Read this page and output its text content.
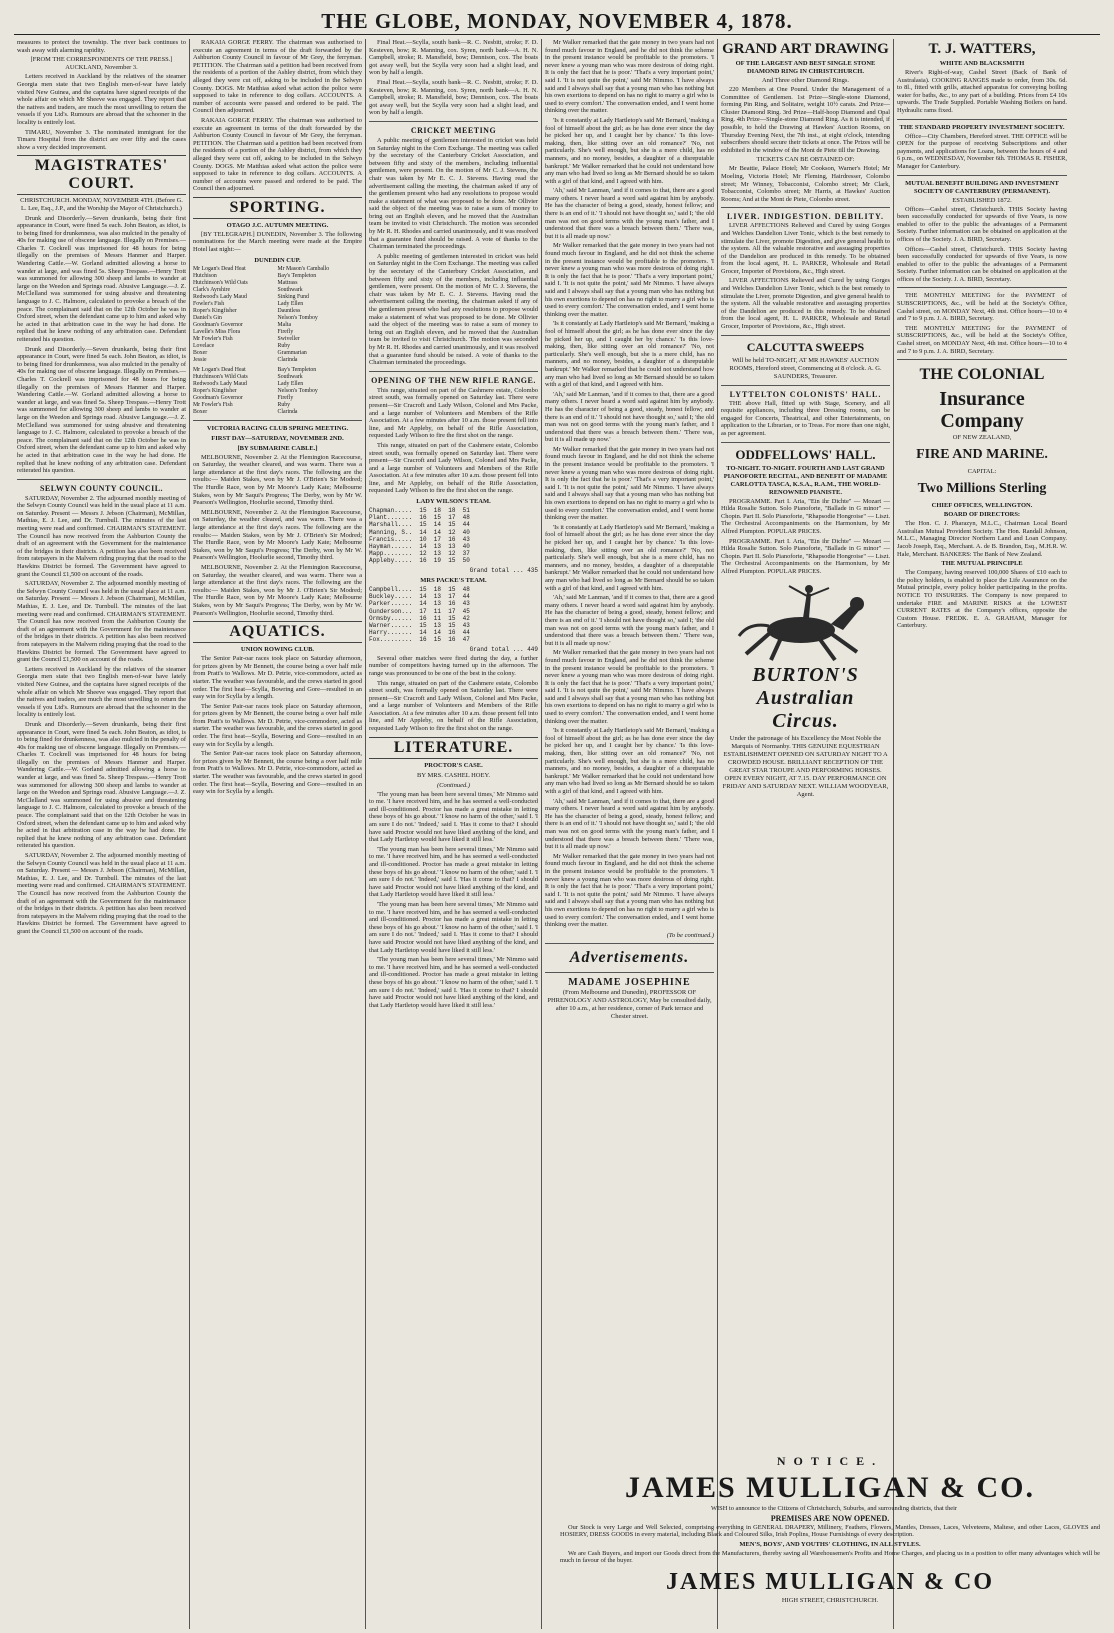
THE GLOBE, MONDAY, NOVEMBER 4, 1878.

measures to protect the township. The river back continues to wash away with alarming rapidity.

[FROM THE CORRESPONDENTS OF THE PRESS.] AUCKLAND, November 3.

Letters received in Auckland by the relatives of the steamer Georgia men state that two English men-of-war have lately visited New Guinea, and the captains have signed receipts of the whole affair on which Mr Sheeve was engaged. They report that the natives and traders, are much the most unwilling to return the vessels if you Ltd's. Rumours are abroad that the schooner in the locality is entirely lost.

TIMARU, November 3. The nominated immigrant for the Timaru Hospital from the district are over fifty and the cases show a very decided improvement.

MAGISTRATES' COURT.

CHRISTCHURCH. MONDAY, NOVEMBER 4TH. (Before G. L. Lee, Esq., J.P., and the Worship the Mayor of Christchurch.)

Drunk and Disorderly.—Seven drunkards, being their first appearance in Court, were fined 5s each. John Beaton, as idiot, is to being fined for drunkenness, was also mulcted in the penalty of 40s for making use of obscene language. Illegally on Premises.—Charles T. Cockrell was imprisoned for 48 hours for being illegally on the premises of Messrs Hanmer and Harper. Wandering Cattle.—W. Gorland admitted allowing a horse to wander at large, and was fined 5s. Sheep Trespass.—Henry Trott was summoned for allowing 300 sheep and lambs to wander at large on the Weedon and Springs road. Abusive Language.—J. Z. McClelland was summoned for using abusive and threatening language to J. C. Halmore, calculated to provoke a breach of the peace. The complainant said that on the 12th October he was in Oxford street, when the defendant came up to him and asked why he acted in that arbitration case in the way he had done. He replied that he knew nothing of any arbitration case. Defendant reiterated his question.

Drunk and Disorderly.—Seven drunkards, being their first appearance in Court, were fined 5s each. John Beaton, as idiot, is to being fined for drunkenness, was also mulcted in the penalty of 40s for making use of obscene language. Illegally on Premises.—Charles T. Cockrell was imprisoned for 48 hours for being illegally on the premises of Messrs Hanmer and Harper. Wandering Cattle.—W. Gorland admitted allowing a horse to wander at large, and was fined 5s. Sheep Trespass.—Henry Trott was summoned for allowing 300 sheep and lambs to wander at large on the Weedon and Springs road. Abusive Language.—J. Z. McClelland was summoned for using abusive and threatening language to J. C. Halmore, calculated to provoke a breach of the peace. The complainant said that on the 12th October he was in Oxford street, when the defendant came up to him and asked why he acted in that arbitration case in the way he had done. He replied that he knew nothing of any arbitration case. Defendant reiterated his question.

SELWYN COUNTY COUNCIL.

SATURDAY, November 2. The adjourned monthly meeting of the Selwyn County Council was held in the usual place at 11 a.m. on Saturday. Present — Messrs J. Jebson (Chairman), McMillan, Mathias, E. J. Lee, and Dr. Turnbull. The minutes of the last meeting were read and confirmed. CHAIRMAN'S STATEMENT. The Council has now received from the Ashburton County the draft of an agreement with the Government for the maintenance of the bridges in their districts. A petition has also been received from ratepayers in the Malvern riding praying that the road to the Hawkins District be formed. The Government have agreed to grant the Council £1,500 on account of the roads.

SATURDAY, November 2. The adjourned monthly meeting of the Selwyn County Council was held in the usual place at 11 a.m. on Saturday. Present — Messrs J. Jebson (Chairman), McMillan, Mathias, E. J. Lee, and Dr. Turnbull. The minutes of the last meeting were read and confirmed. CHAIRMAN'S STATEMENT. The Council has now received from the Ashburton County the draft of an agreement with the Government for the maintenance of the bridges in their districts. A petition has also been received from ratepayers in the Malvern riding praying that the road to the Hawkins District be formed. The Government have agreed to grant the Council £1,500 on account of the roads.

Letters received in Auckland by the relatives of the steamer Georgia men state that two English men-of-war have lately visited New Guinea, and the captains have signed receipts of the whole affair on which Mr Sheeve was engaged. They report that the natives and traders, are much the most unwilling to return the vessels if you Ltd's. Rumours are abroad that the schooner in the locality is entirely lost.

Drunk and Disorderly.—Seven drunkards, being their first appearance in Court, were fined 5s each. John Beaton, as idiot, is to being fined for drunkenness, was also mulcted in the penalty of 40s for making use of obscene language. Illegally on Premises.—Charles T. Cockrell was imprisoned for 48 hours for being illegally on the premises of Messrs Hanmer and Harper. Wandering Cattle.—W. Gorland admitted allowing a horse to wander at large, and was fined 5s. Sheep Trespass.—Henry Trott was summoned for allowing 300 sheep and lambs to wander at large on the Weedon and Springs road. Abusive Language.—J. Z. McClelland was summoned for using abusive and threatening language to J. C. Halmore, calculated to provoke a breach of the peace. The complainant said that on the 12th October he was in Oxford street, when the defendant came up to him and asked why he acted in that arbitration case in the way he had done. He replied that he knew nothing of any arbitration case. Defendant reiterated his question.

SATURDAY, November 2. The adjourned monthly meeting of the Selwyn County Council was held in the usual place at 11 a.m. on Saturday. Present — Messrs J. Jebson (Chairman), McMillan, Mathias, E. J. Lee, and Dr. Turnbull. The minutes of the last meeting were read and confirmed. CHAIRMAN'S STATEMENT. The Council has now received from the Ashburton County the draft of an agreement with the Government for the maintenance of the bridges in their districts. A petition has also been received from ratepayers in the Malvern riding praying that the road to the Hawkins District be formed. The Government have agreed to grant the Council £1,500 on account of the roads.

RAKAIA GORGE FERRY. The chairman was authorised to execute an agreement in terms of the draft forwarded by the Ashburton County Council in favour of Mr Grey, the ferryman. PETITION. The Chairman said a petition had been received from the residents of a portion of the Ashley district, from which they alleged they were cut off, asking to be included in the Selwyn County. DOGS. Mr Matthias asked what action the police were supposed to take in reference to dog collars. ACCOUNTS. A number of accounts were passed and ordered to be paid. The Council then adjourned.

RAKAIA GORGE FERRY. The chairman was authorised to execute an agreement in terms of the draft forwarded by the Ashburton County Council in favour of Mr Grey, the ferryman. PETITION. The Chairman said a petition had been received from the residents of a portion of the Ashley district, from which they alleged they were cut off, asking to be included in the Selwyn County. DOGS. Mr Matthias asked what action the police were supposed to take in reference to dog collars. ACCOUNTS. A number of accounts were passed and ordered to be paid. The Council then adjourned.

SPORTING.
OTAGO J.C. AUTUMN MEETING.

[BY TELEGRAPH.] DUNEDIN, November 3. The following nominations for the March meeting were made at the Empire Hotel last night:—

DUNEDIN CUP.
Mr Logan's Dead Heat
Hutchison
Hutchinson's Wild Oats
Clark's Ayrshire
Redwood's Lady Maud
Fowler's Fish
Roper's Kingfisher
Daniel's Gin
Goodman's Governor
Lavelle's Miss Flora
Mr Fowler's Fish
Lovelace
Boxer
Jessie
Mr Mason's Camballo
Bay's Templeton
Mattrass
Southwark
Sinking Fund
Lady Ellen
Dauntless
Nelson's Tomboy
Malta
Firefly
Swiveller
Ruby
Grammarian
Clarinda
Mr Logan's Dead Heat
Hutchinson's Wild Oats
Redwood's Lady Maud
Roper's Kingfisher
Goodman's Governor
Mr Fowler's Fish
Boxer
Bay's Templeton
Southwark
Lady Ellen
Nelson's Tomboy
Firefly
Ruby
Clarinda
VICTORIA RACING CLUB SPRING MEETING.
FIRST DAY—SATURDAY, NOVEMBER 2ND.
[BY SUBMARINE CABLE.]

MELBOURNE, November 2. At the Flemington Racecourse, on Saturday, the weather cleared, and was warm. There was a large attendance at the first day's races. The following are the results:— Maiden Stakes, won by Mr J. O'Brien's Sir Modred; The Hurdle Race, won by Mr Moore's Lady Kate; Melbourne Stakes, won by Mr Saqui's Progress; The Derby, won by Mr W. Pearson's Wellington, Hoolurlie second, Timothy third.

MELBOURNE, November 2. At the Flemington Racecourse, on Saturday, the weather cleared, and was warm. There was a large attendance at the first day's races. The following are the results:— Maiden Stakes, won by Mr J. O'Brien's Sir Modred; The Hurdle Race, won by Mr Moore's Lady Kate; Melbourne Stakes, won by Mr Saqui's Progress; The Derby, won by Mr W. Pearson's Wellington, Hoolurlie second, Timothy third.

MELBOURNE, November 2. At the Flemington Racecourse, on Saturday, the weather cleared, and was warm. There was a large attendance at the first day's races. The following are the results:— Maiden Stakes, won by Mr J. O'Brien's Sir Modred; The Hurdle Race, won by Mr Moore's Lady Kate; Melbourne Stakes, won by Mr Saqui's Progress; The Derby, won by Mr W. Pearson's Wellington, Hoolurlie second, Timothy third.

AQUATICS.
UNION ROWING CLUB.

The Senior Pair-oar races took place on Saturday afternoon, for prizes given by Mr Bennett, the course being a over half mile from Pratt's to Wallows. Mr D. Petrie, vice-commodore, acted as starter. The weather was favourable, and the crews started in good order. The first heat—Scylla, Bowring and Gore—resulted in an easy win for Scylla by a length.

The Senior Pair-oar races took place on Saturday afternoon, for prizes given by Mr Bennett, the course being a over half mile from Pratt's to Wallows. Mr D. Petrie, vice-commodore, acted as starter. The weather was favourable, and the crews started in good order. The first heat—Scylla, Bowring and Gore—resulted in an easy win for Scylla by a length.

The Senior Pair-oar races took place on Saturday afternoon, for prizes given by Mr Bennett, the course being a over half mile from Pratt's to Wallows. Mr D. Petrie, vice-commodore, acted as starter. The weather was favourable, and the crews started in good order. The first heat—Scylla, Bowring and Gore—resulted in an easy win for Scylla by a length.

Final Heat.—Scylla, south bank—R. C. Nesbitt, stroke; F. D. Kesteven, bow; R. Manning, cox. Syren, north bank—A. H. N. Campbell, stroke; R. Mansfield, bow; Dennison, cox. The boats got away well, but the Scylla very soon had a slight lead, and won by half a length.

Final Heat.—Scylla, south bank—R. C. Nesbitt, stroke; F. D. Kesteven, bow; R. Manning, cox. Syren, north bank—A. H. N. Campbell, stroke; R. Mansfield, bow; Dennison, cox. The boats got away well, but the Scylla very soon had a slight lead, and won by half a length.

CRICKET MEETING

A public meeting of gentlemen interested in cricket was held on Saturday night in the Corn Exchange. The meeting was called by the secretary of the Canterbury Cricket Association, and between fifty and sixty of the members, including influential gentlemen, were present. On the motion of Mr C. J. Stevens, the chair was taken by Mr E. C. J. Stevens. Having read the advertisement calling the meeting, the chairman asked if any of the gentlemen present who had any resolutions to propose would make a statement of what was proposed to be done. Mr Ollivier said the object of the meeting was to raise a sum of money to bring out an English eleven, and he moved that the Australian team be invited to visit Christchurch. The motion was seconded by Mr R. H. Rhodes and carried unanimously, and it was resolved that a guarantee fund should be raised. A vote of thanks to the Chairman terminated the proceedings.

A public meeting of gentlemen interested in cricket was held on Saturday night in the Corn Exchange. The meeting was called by the secretary of the Canterbury Cricket Association, and between fifty and sixty of the members, including influential gentlemen, were present. On the motion of Mr C. J. Stevens, the chair was taken by Mr E. C. J. Stevens. Having read the advertisement calling the meeting, the chairman asked if any of the gentlemen present who had any resolutions to propose would make a statement of what was proposed to be done. Mr Ollivier said the object of the meeting was to raise a sum of money to bring out an English eleven, and he moved that the Australian team be invited to visit Christchurch. The motion was seconded by Mr R. H. Rhodes and carried unanimously, and it was resolved that a guarantee fund should be raised. A vote of thanks to the Chairman terminated the proceedings.

OPENING OF THE NEW RIFLE RANGE.

This range, situated on part of the Cashmere estate, Colombo street south, was formally opened on Saturday last. There were present—Sir Cracroft and Lady Wilson, Colonel and Mrs Packe, and a large number of Volunteers and Members of the Rifle Association. At a few minutes after 10 a.m. those present fell into line, and Mr Appleby, on behalf of the Rifle Association, requested Lady Wilson to fire the first shot on the range.

This range, situated on part of the Cashmere estate, Colombo street south, was formally opened on Saturday last. There were present—Sir Cracroft and Lady Wilson, Colonel and Mrs Packe, and a large number of Volunteers and Members of the Rifle Association. At a few minutes after 10 a.m. those present fell into line, and Mr Appleby, on behalf of the Rifle Association, requested Lady Wilson to fire the first shot on the range.

LADY WILSON'S TEAM.
Chapman.....  15  18  18  51
Plant.......  16  15  17  48
Marshall....  15  14  15  44
Manning, S..  14  14  12  40
Francis.....  10  17  16  43
Hayman......  14  13  13  40
Mapp........  12  13  12  37
Appleby.....  16  19  15  50
Grand total ... 435
MRS PACKE'S TEAM.
Campbell....  15  18  15  48
Buckley.....  14  13  17  44
Parker......  14  13  16  43
Gunderson...  17  11  17  45
Ormsby......  16  11  15  42
Warner......  15  13  15  43
Harry.......  14  14  16  44
Fox.........  16  15  16  47
Grand total ... 449

Several other matches were fired during the day, a further number of competitors having turned up in the afternoon. The range was pronounced to be one of the best in the colony.

This range, situated on part of the Cashmere estate, Colombo street south, was formally opened on Saturday last. There were present—Sir Cracroft and Lady Wilson, Colonel and Mrs Packe, and a large number of Volunteers and Members of the Rifle Association. At a few minutes after 10 a.m. those present fell into line, and Mr Appleby, on behalf of the Rifle Association, requested Lady Wilson to fire the first shot on the range.

LITERATURE.
PROCTOR'S CASE.
BY MRS. CASHEL HOEY.
(Continued.)

'The young man has been here several times,' Mr Nimmo said to me. 'I have received him, and he has seemed a well-conducted and ill-conditioned. Proctor has made a great mistake in letting these boys of his go about.' 'I know no harm of the other,' said I. 'I am sure I do not.' 'Indeed,' said I. 'Has it come to that? I should have said Proctor would not have liked anything of the kind, and that Lady Hartletop would have liked it still less.'

'The young man has been here several times,' Mr Nimmo said to me. 'I have received him, and he has seemed a well-conducted and ill-conditioned. Proctor has made a great mistake in letting these boys of his go about.' 'I know no harm of the other,' said I. 'I am sure I do not.' 'Indeed,' said I. 'Has it come to that? I should have said Proctor would not have liked anything of the kind, and that Lady Hartletop would have liked it still less.'

'The young man has been here several times,' Mr Nimmo said to me. 'I have received him, and he has seemed a well-conducted and ill-conditioned. Proctor has made a great mistake in letting these boys of his go about.' 'I know no harm of the other,' said I. 'I am sure I do not.' 'Indeed,' said I. 'Has it come to that? I should have said Proctor would not have liked anything of the kind, and that Lady Hartletop would have liked it still less.'

'The young man has been here several times,' Mr Nimmo said to me. 'I have received him, and he has seemed a well-conducted and ill-conditioned. Proctor has made a great mistake in letting these boys of his go about.' 'I know no harm of the other,' said I. 'I am sure I do not.' 'Indeed,' said I. 'Has it come to that? I should have said Proctor would not have liked anything of the kind, and that Lady Hartletop would have liked it still less.'

Mr Walker remarked that the gate money in two years had not found much favour in England, and he did not think the scheme in the present instance would be profitable to the promoters. 'I never knew a young man who was more desirous of doing right. It is only the fact that he is poor.' 'That's a very important point,' said I. 'It is not quite the point,' said Mr Nimmo. 'I have always said and I always shall say that a young man who has nothing but his own exertions to depend on has no right to marry a girl who is used to every comfort.' The conversation ended, and I went home thinking over the matter.

'Is it constantly at Lady Hartletop's said Mr Bernard, 'making a fool of himself about the girl; as he has done ever since the day he picked her up, and I caught her by chance.' 'Is this love-making, then, like sitting over an old romance?' 'No, not particularly. She's well enough, but she is a mere child, has no manners, and no money, besides, a daughter of a disreputable bankrupt.' Mr Walker remarked that he could not understand how any man who had lived so long as Mr Bernard should be so taken with a girl of that kind, and I agreed with him.

'Ah,' said Mr Lanman, 'and if it comes to that, there are a good many others. I never heard a word said against him by anybody. He has the character of being a good, steady, honest fellow; and there is an end of it.' 'I should not have thought so,' said I; 'the old man was not on good terms with the young man's father, and I understood that there was a breach between them.' 'There was, but it is all made up now.'

Mr Walker remarked that the gate money in two years had not found much favour in England, and he did not think the scheme in the present instance would be profitable to the promoters. 'I never knew a young man who was more desirous of doing right. It is only the fact that he is poor.' 'That's a very important point,' said I. 'It is not quite the point,' said Mr Nimmo. 'I have always said and I always shall say that a young man who has nothing but his own exertions to depend on has no right to marry a girl who is used to every comfort.' The conversation ended, and I went home thinking over the matter.

'Is it constantly at Lady Hartletop's said Mr Bernard, 'making a fool of himself about the girl; as he has done ever since the day he picked her up, and I caught her by chance.' 'Is this love-making, then, like sitting over an old romance?' 'No, not particularly. She's well enough, but she is a mere child, has no manners, and no money, besides, a daughter of a disreputable bankrupt.' Mr Walker remarked that he could not understand how any man who had lived so long as Mr Bernard should be so taken with a girl of that kind, and I agreed with him.

'Ah,' said Mr Lanman, 'and if it comes to that, there are a good many others. I never heard a word said against him by anybody. He has the character of being a good, steady, honest fellow; and there is an end of it.' 'I should not have thought so,' said I; 'the old man was not on good terms with the young man's father, and I understood that there was a breach between them.' 'There was, but it is all made up now.'

Mr Walker remarked that the gate money in two years had not found much favour in England, and he did not think the scheme in the present instance would be profitable to the promoters. 'I never knew a young man who was more desirous of doing right. It is only the fact that he is poor.' 'That's a very important point,' said I. 'It is not quite the point,' said Mr Nimmo. 'I have always said and I always shall say that a young man who has nothing but his own exertions to depend on has no right to marry a girl who is used to every comfort.' The conversation ended, and I went home thinking over the matter.

'Is it constantly at Lady Hartletop's said Mr Bernard, 'making a fool of himself about the girl; as he has done ever since the day he picked her up, and I caught her by chance.' 'Is this love-making, then, like sitting over an old romance?' 'No, not particularly. She's well enough, but she is a mere child, has no manners, and no money, besides, a daughter of a disreputable bankrupt.' Mr Walker remarked that he could not understand how any man who had lived so long as Mr Bernard should be so taken with a girl of that kind, and I agreed with him.

'Ah,' said Mr Lanman, 'and if it comes to that, there are a good many others. I never heard a word said against him by anybody. He has the character of being a good, steady, honest fellow; and there is an end of it.' 'I should not have thought so,' said I; 'the old man was not on good terms with the young man's father, and I understood that there was a breach between them.' 'There was, but it is all made up now.'

Mr Walker remarked that the gate money in two years had not found much favour in England, and he did not think the scheme in the present instance would be profitable to the promoters. 'I never knew a young man who was more desirous of doing right. It is only the fact that he is poor.' 'That's a very important point,' said I. 'It is not quite the point,' said Mr Nimmo. 'I have always said and I always shall say that a young man who has nothing but his own exertions to depend on has no right to marry a girl who is used to every comfort.' The conversation ended, and I went home thinking over the matter.

'Is it constantly at Lady Hartletop's said Mr Bernard, 'making a fool of himself about the girl; as he has done ever since the day he picked her up, and I caught her by chance.' 'Is this love-making, then, like sitting over an old romance?' 'No, not particularly. She's well enough, but she is a mere child, has no manners, and no money, besides, a daughter of a disreputable bankrupt.' Mr Walker remarked that he could not understand how any man who had lived so long as Mr Bernard should be so taken with a girl of that kind, and I agreed with him.

'Ah,' said Mr Lanman, 'and if it comes to that, there are a good many others. I never heard a word said against him by anybody. He has the character of being a good, steady, honest fellow; and there is an end of it.' 'I should not have thought so,' said I; 'the old man was not on good terms with the young man's father, and I understood that there was a breach between them.' 'There was, but it is all made up now.'

Mr Walker remarked that the gate money in two years had not found much favour in England, and he did not think the scheme in the present instance would be profitable to the promoters. 'I never knew a young man who was more desirous of doing right. It is only the fact that he is poor.' 'That's a very important point,' said I. 'It is not quite the point,' said Mr Nimmo. 'I have always said and I always shall say that a young man who has nothing but his own exertions to depend on has no right to marry a girl who is used to every comfort.' The conversation ended, and I went home thinking over the matter.

(To be continued.)
Advertisements.
MADAME JOSEPHINE

(From Melbourne and Dunedin), PROFESSOR OF PHRENOLOGY AND ASTROLOGY, May be consulted daily, after 10 a.m., at her residence, corner of Park terrace and Chester street.

GRAND ART DRAWING

OF THE LARGEST AND BEST SINGLE STONE DIAMOND RING IN CHRISTCHURCH.

And Three other Diamond Rings.

220 Members at One Pound. Under the Management of a Committee of Gentlemen. 1st Prize—Single-stone Diamond, forming Pin Ring, and Solitaire, weight 10½ carats. 2nd Prize—Cluster Diamond Ring. 3rd Prize—Half-hoop Diamond and Opal Ring. 4th Prize—Single-stone Diamond Ring. As it is intended, if possible, to hold the Drawing at Hawkes' Auction Rooms, on Thursday Evening Next, the 7th inst., at eight o'clock, intending subscribers should secure their tickets at once. The Prizes will be exhibited in the window of the Mont de Piete till the Drawing.

TICKETS CAN BE OBTAINED OF:

Mr Beattie, Palace Hotel; Mr Cookson, Warner's Hotel; Mr Moeling, Victoria Hotel; Mr Fleming, Hairdresser, Colombo street; Mr Winney, Tobacconist, Colombo street; Mr Clark, Tobacconist, Colombo street; Mr Harris, at Hawkes' Auction Rooms; And at the Mont de Piete, Colombo street.

LIVER. INDIGESTION. DEBILITY.

LIVER AFFECTIONS Relieved and Cured by using Gorges and Welches Dandelion Liver Tonic, which is the best remedy to stimulate the Liver, promote Digestion, and give general health to the system. All the valuable restorative and assuaging properties of the Dandelion are produced in this remedy. To be obtained from the local agent, H. L. PARKER, Wholesale and Retail Grocer, Importer of Provisions, &c., High street.

LIVER AFFECTIONS Relieved and Cured by using Gorges and Welches Dandelion Liver Tonic, which is the best remedy to stimulate the Liver, promote Digestion, and give general health to the system. All the valuable restorative and assuaging properties of the Dandelion are produced in this remedy. To be obtained from the local agent, H. L. PARKER, Wholesale and Retail Grocer, Importer of Provisions, &c., High street.

CALCUTTA SWEEPS

Will be held TO-NIGHT, AT MR HAWKES' AUCTION ROOMS, Hereford street, Commencing at 8 o'clock. A. G. SAUNDERS, Treasurer.

LYTTELTON COLONISTS' HALL.

THE above Hall, fitted up with Stage, Scenery, and all requisite appliances, including three Dressing rooms, can be engaged for Concerts, Theatrical, and other Entertainments, on application to the Librarian, or to Treas. For more than one night, as per agreement.

ODDFELLOWS' HALL.

TO-NIGHT. TO-NIGHT. FOURTH AND LAST GRAND PIANOFORTE RECITAL, AND BENEFIT OF MADAME CARLOTTA TASCA, K.S.A., R.A.M., THE WORLD-RENOWNED PIANISTE.

PROGRAMME. Part I. Aria, "Ein ihr Dichte" — Mozart — Hilda Rosalie Sutton. Solo Pianoforte, "Ballade in G minor" — Chopin. Part II. Solo Pianoforte, "Rhapsodie Hongroise" — Liszt. The Orchestral Accompaniments on the Harmonium, by Mr Alfred Plumpton. POPULAR PRICES.

PROGRAMME. Part I. Aria, "Ein ihr Dichte" — Mozart — Hilda Rosalie Sutton. Solo Pianoforte, "Ballade in G minor" — Chopin. Part II. Solo Pianoforte, "Rhapsodie Hongroise" — Liszt. The Orchestral Accompaniments on the Harmonium, by Mr Alfred Plumpton. POPULAR PRICES.

BURTON'S Australian Circus.

Under the patronage of his Excellency the Most Noble the Marquis of Normanby. THIS GENUINE EQUESTRIAN ESTABLISHMENT OPENED ON SATURDAY NIGHT TO A CROWDED HOUSE. BRILLIANT RECEPTION OF THE GREAT STAR TROUPE AND PERFORMING HORSES. OPEN EVERY NIGHT, AT 7.15. DAY PERFORMANCE ON FRIDAY AND SATURDAY NEXT. WILLIAM WOODYEAR, Agent.

T. J. WATTERS,
WHITE AND BLACKSMITH

River's Right-of-way, Cashel Street (Back of Bank of Australasia). COOKING RANGES made to order, from 30s. 6d. to 8l., fitted with grills, attached apparatus for conveying boiling water for baths, &c., to any part of a building. Prices from £4 10s upwards. The Trade Supplied. Portable Washing Boilers on hand. Hydraulic rams fixed.

THE STANDARD PROPERTY INVESTMENT SOCIETY.

Office—City Chambers, Hereford street. THE OFFICE will be OPEN for the purpose of receiving Subscriptions and other payments, and applications for Loans, between the hours of 4 and 6 p.m., on WEDNESDAY, November 6th. THOMAS R. FISHER, Manager for Canterbury.

MUTUAL BENEFIT BUILDING AND INVESTMENT SOCIETY OF CANTERBURY (PERMANENT).
ESTABLISHED 1872.

Offices—Cashel street, Christchurch. THIS Society having been successfully conducted for upwards of five Years, is now enabled to offer to the public the advantages of a Permanent Society. Further information can be obtained on application at the offices of the Society. J. A. BIRD, Secretary.

Offices—Cashel street, Christchurch. THIS Society having been successfully conducted for upwards of five Years, is now enabled to offer to the public the advantages of a Permanent Society. Further information can be obtained on application at the offices of the Society. J. A. BIRD, Secretary.

THE MONTHLY MEETING for the PAYMENT of SUBSCRIPTIONS, &c., will be held at the Society's Office, Cashel street, on MONDAY Next, 4th inst. Office hours—10 to 4 and 7 to 9 p.m. J. A. BIRD, Secretary.

THE MONTHLY MEETING for the PAYMENT of SUBSCRIPTIONS, &c., will be held at the Society's Office, Cashel street, on MONDAY Next, 4th inst. Office hours—10 to 4 and 7 to 9 p.m. J. A. BIRD, Secretary.

THE COLONIAL
Insurance Company
OF NEW ZEALAND,
FIRE AND MARINE.
CAPITAL:
Two Millions Sterling
CHIEF OFFICES, WELLINGTON.
BOARD OF DIRECTORS:

The Hon. C. J. Pharazyn, M.L.C., Chairman Local Board Australian Mutual Provident Society. The Hon. Randall Johnson, M.L.C., Managing Director Northern Land and Loan Company. Jacob Joseph, Esq., Merchant. A. de B. Brandon, Esq., M.H.R. W. Hale, Merchant. BANKERS: The Bank of New Zealand.

THE MUTUAL PRINCIPLE

The Company, having reserved 100,000 Shares of £10 each to the policy holders, is enabled to place the Life Assurance on the Mutual principle, every policy holder participating in the profits. NOTICE TO INSURERS. The Company is now prepared to undertake FIRE and MARINE RISKS at the LOWEST CURRENT RATES at the Company's offices, opposite the Custom House. FREDK. E. A. GRAHAM, Manager for Canterbury.

NOTICE.
JAMES MULLIGAN & CO.

WISH to announce to the Citizens of Christchurch, Suburbs, and surrounding districts, that their

PREMISES ARE NOW OPENED.

Our Stock is very Large and Well Selected, comprising everything in GENERAL DRAPERY, Millinery, Feathers, Flowers, Mantles, Dresses, Laces, Velveteens, Maltese, and other Laces, GLOVES and HOSIERY, DRESS GOODS in every material, including Black and Coloured Silks, Irish Poplins, House Furnishings of every description.

MEN'S, BOYS', AND YOUTHS' CLOTHING, IN ALL STYLES.

We are Cash Buyers, and import our Goods direct from the Manufacturers, thereby saving all Warehousemen's Profits and Home Charges, and placing us in a position to offer many advantages which will be much in favour of the buyer.

JAMES MULLIGAN & CO
HIGH STREET, CHRISTCHURCH.
